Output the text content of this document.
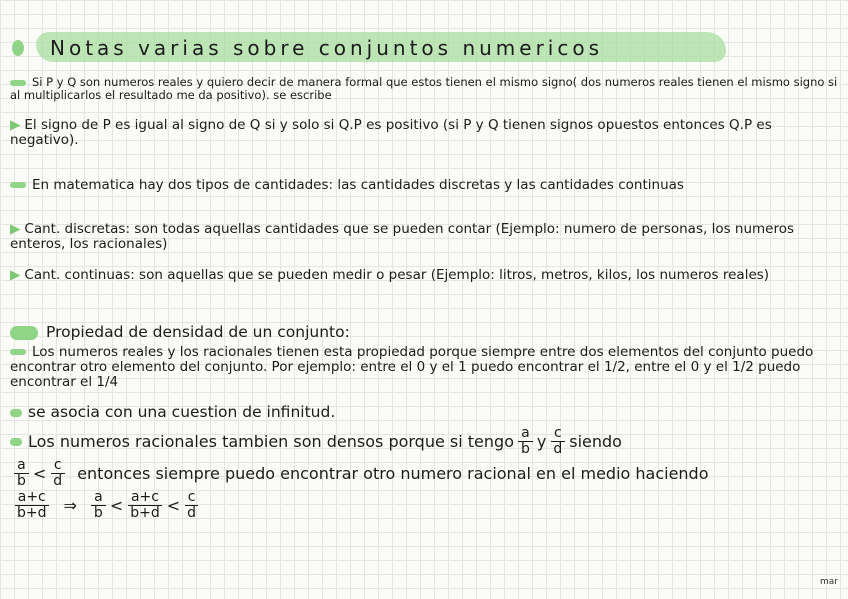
Notas varias sobre conjuntos numericos
Si P y Q son numeros reales y quiero decir de manera formal que estos tienen el mismo signo( dos numeros reales tienen el mismo signo si al multiplicarlos el resultado me da positivo). se escribe
▶ El signo de P es igual al signo de Q si y solo si Q.P es positivo (si P y Q tienen signos opuestos entonces Q.P es negativo).
En matematica hay dos tipos de cantidades: las cantidades discretas y las cantidades continuas
▶ Cant. discretas: son todas aquellas cantidades que se pueden contar (Ejemplo: numero de personas, los numeros enteros, los racionales)
▶ Cant. continuas: son aquellas que se pueden medir o pesar (Ejemplo: litros, metros, kilos, los numeros reales)
Propiedad de densidad de un conjunto:
Los numeros reales y los racionales tienen esta propiedad porque siempre entre dos elementos del conjunto puedo encontrar otro elemento del conjunto. Por ejemplo: entre el 0 y el 1 puedo encontrar el 1/2, entre el 0 y el 1/2 puedo encontrar el 1/4
se asocia con una cuestion de infinitud.
Los numeros racionales tambien son densos porque si tengo $\frac{a}{b}$ y $\frac{c}{d}$ siendo
$\frac{a}{b} < \frac{c}{d}$ entonces siempre puedo encontrar otro numero racional en el medio haciendo
$\frac{a+c}{b+d}$ ⇒ $\frac{a}{b} < \frac{a+c}{b+d} < \frac{c}{d}$
mar
